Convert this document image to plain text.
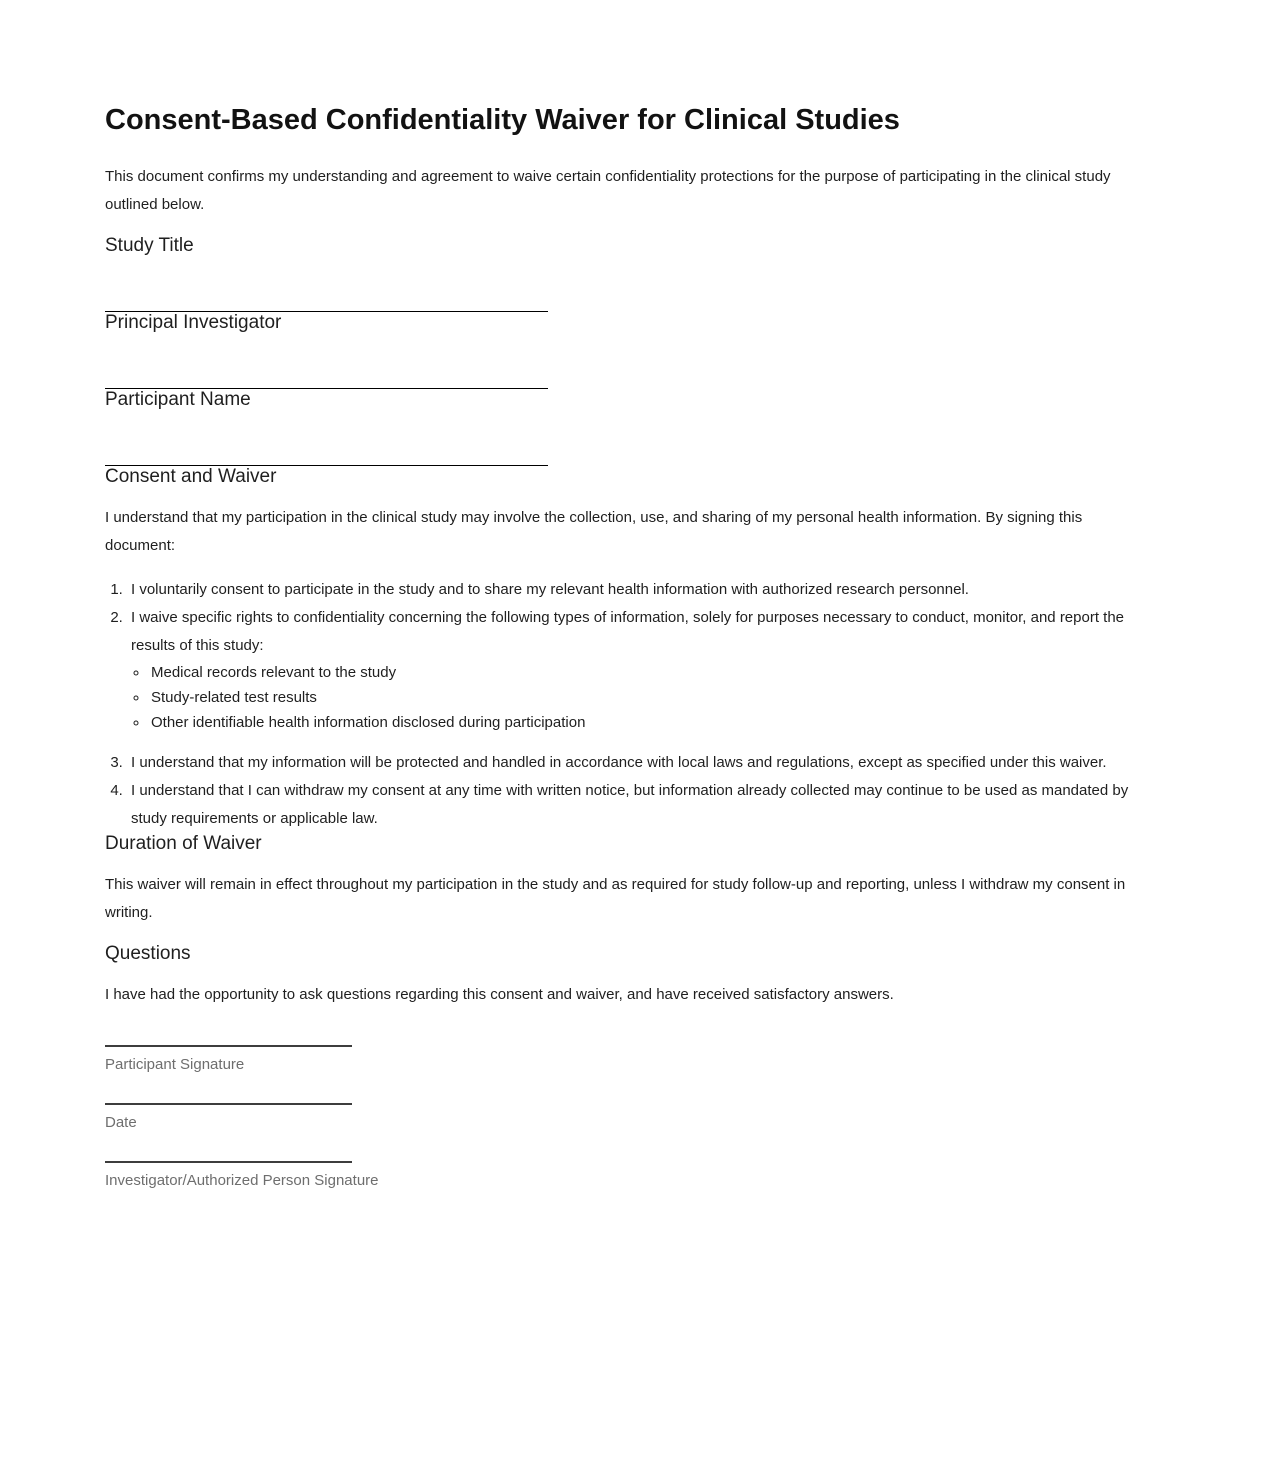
Consent-Based Confidentiality Waiver for Clinical Studies

This document confirms my understanding and agreement to waive certain confidentiality protections for the purpose of participating in the clinical study outlined below.

Study Title
Principal Investigator
Participant Name
Consent and Waiver

I understand that my participation in the clinical study may involve the collection, use, and sharing of my personal health information. By signing this document:

1. I voluntarily consent to participate in the study and to share my relevant health information with authorized research personnel.
2. I waive specific rights to confidentiality concerning the following types of information, solely for purposes necessary to conduct, monitor, and report the results of this study:
◦ Medical records relevant to the study
◦ Study-related test results
◦ Other identifiable health information disclosed during participation
3. I understand that my information will be protected and handled in accordance with local laws and regulations, except as specified under this waiver.
4. I understand that I can withdraw my consent at any time with written notice, but information already collected may continue to be used as mandated by study requirements or applicable law.
Duration of Waiver

This waiver will remain in effect throughout my participation in the study and as required for study follow-up and reporting, unless I withdraw my consent in writing.

Questions

I have had the opportunity to ask questions regarding this consent and waiver, and have received satisfactory answers.

Participant Signature
Date
Investigator/Authorized Person Signature
